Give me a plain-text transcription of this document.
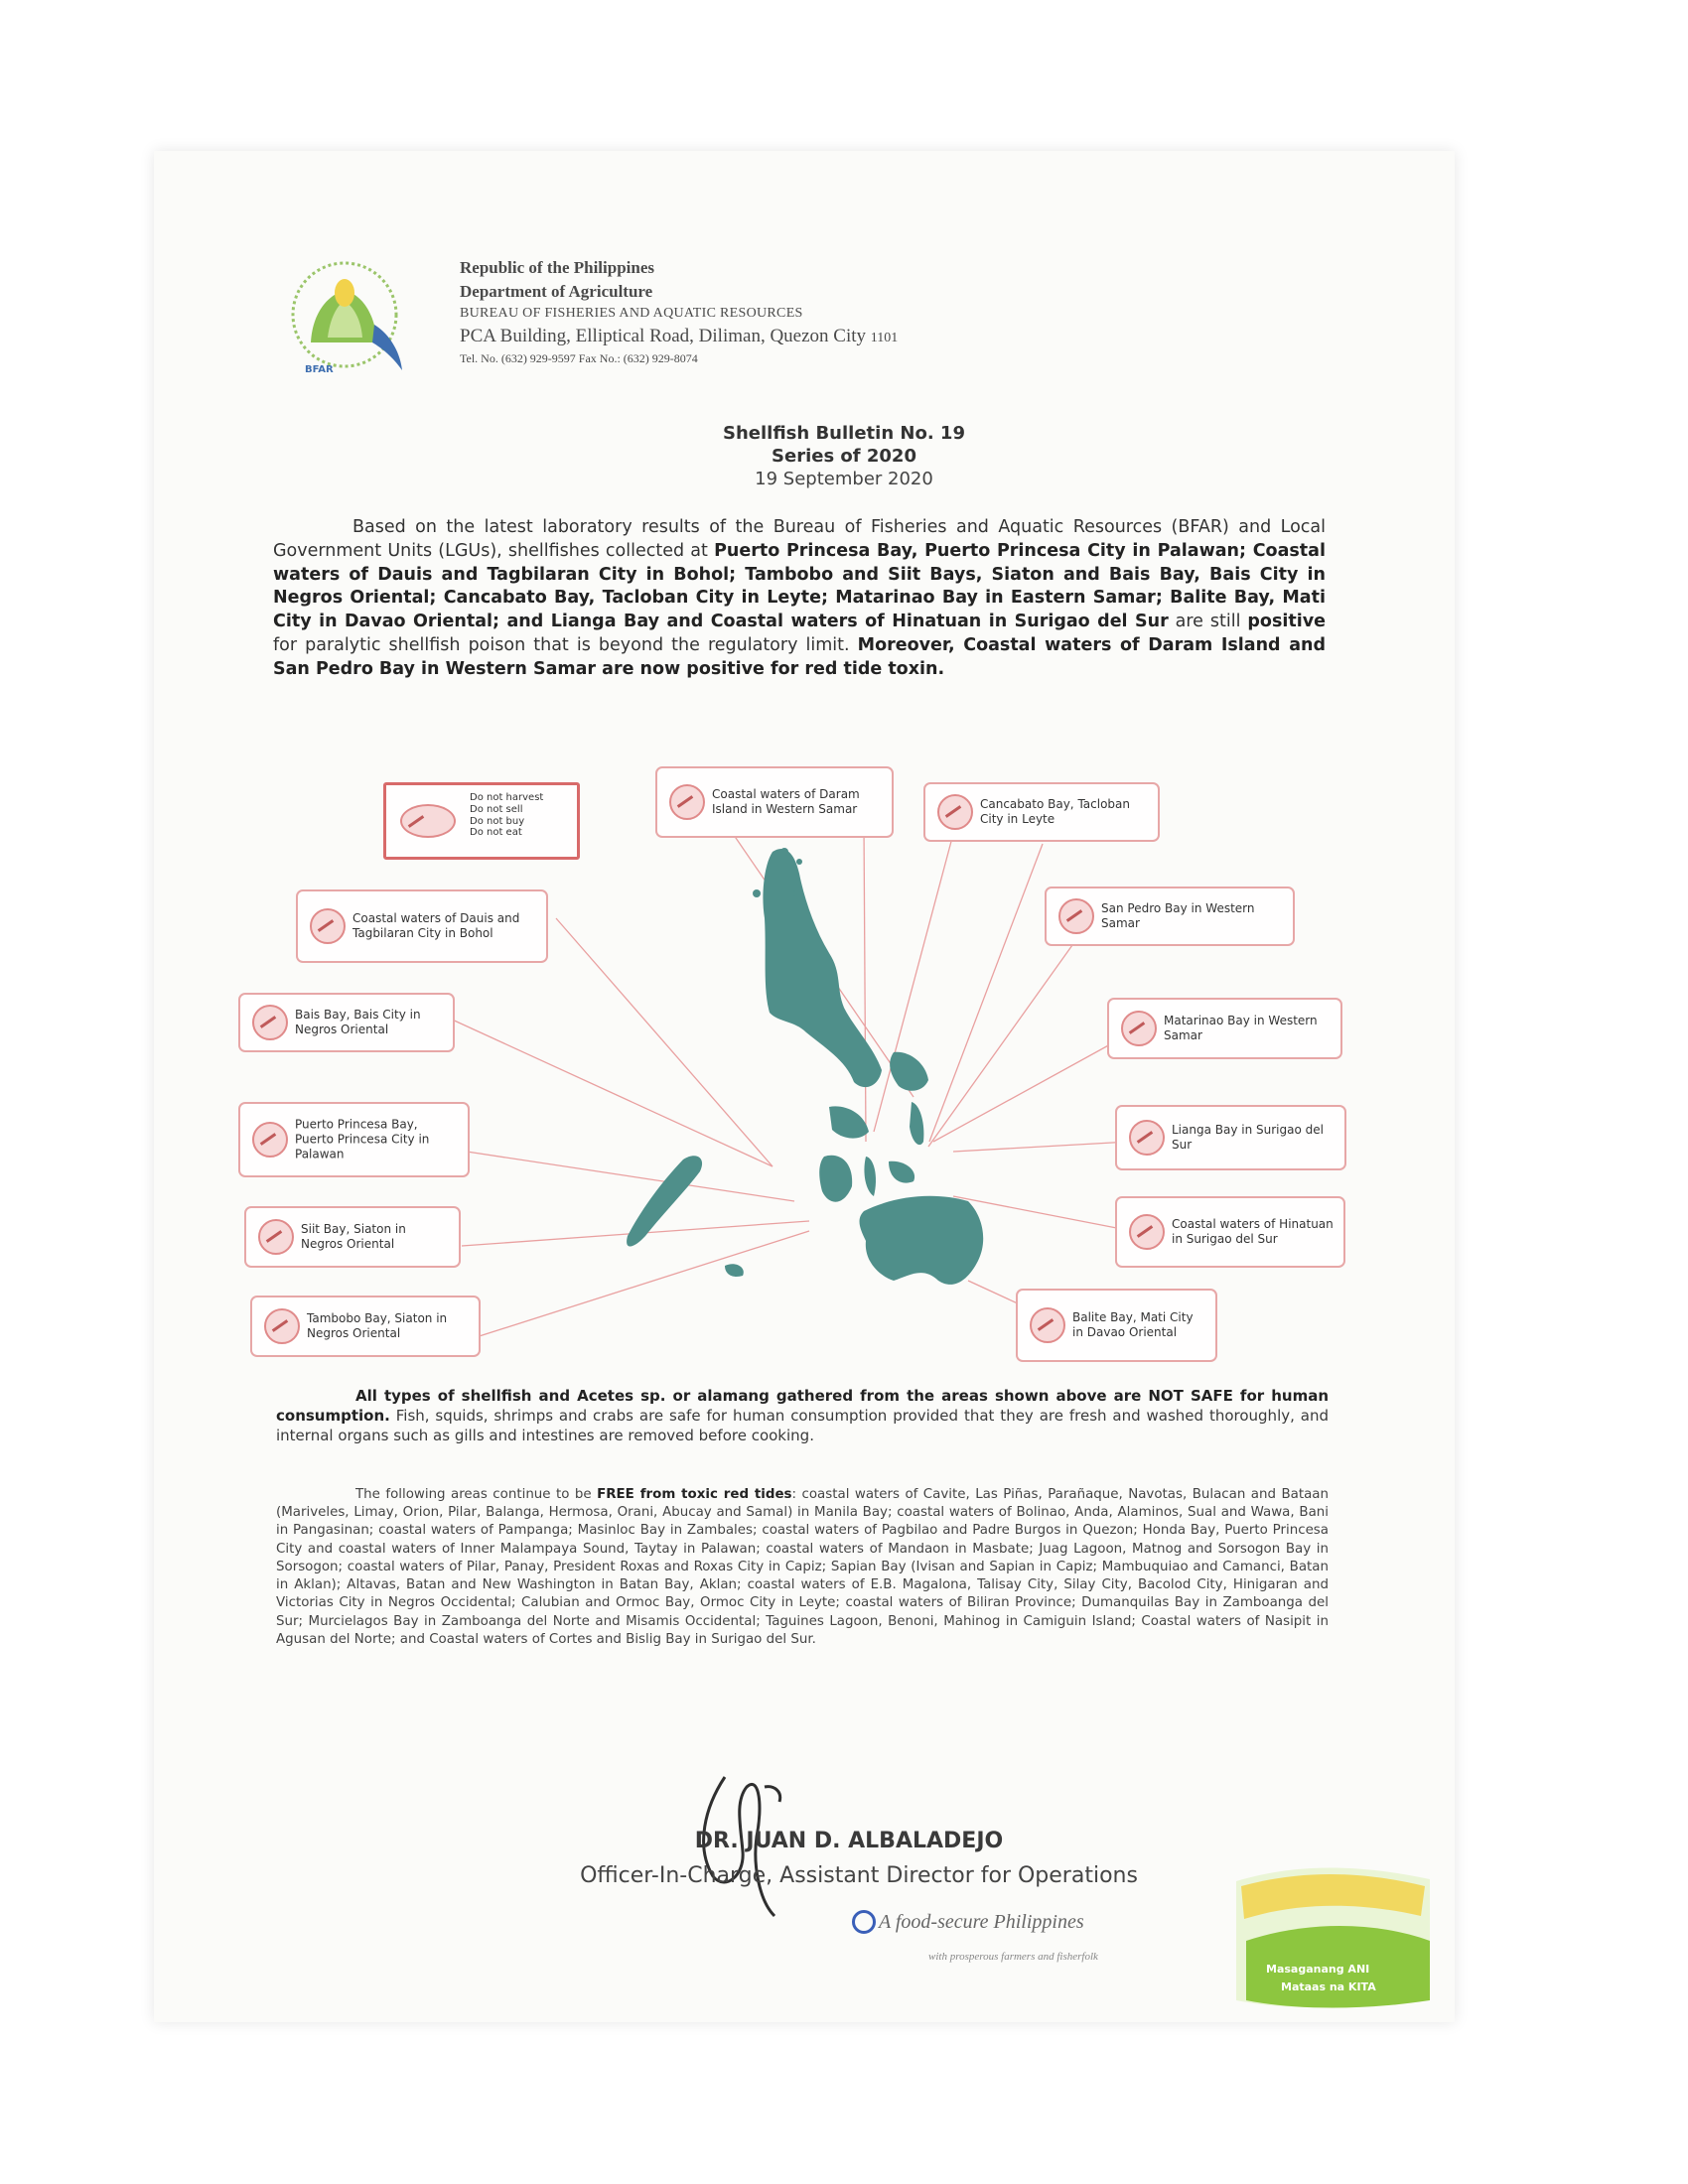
BFAR
Republic of the Philippines
Department of Agriculture
BUREAU OF FISHERIES AND AQUATIC RESOURCES
PCA Building, Elliptical Road, Diliman, Quezon City 1101
Tel. No. (632) 929-9597 Fax No.: (632) 929-8074
Shellfish Bulletin No. 19
Series of 2020
19 September 2020
Based on the latest laboratory results of the Bureau of Fisheries and Aquatic Resources (BFAR) and Local Government Units (LGUs), shellfishes collected at Puerto Princesa Bay, Puerto Princesa City in Palawan; Coastal waters of Dauis and Tagbilaran City in Bohol; Tambobo and Siit Bays, Siaton and Bais Bay, Bais City in Negros Oriental; Cancabato Bay, Tacloban City in Leyte; Matarinao Bay in Eastern Samar; Balite Bay, Mati City in Davao Oriental; and Lianga Bay and Coastal waters of Hinatuan in Surigao del Sur are still positive for paralytic shellfish poison that is beyond the regulatory limit. Moreover, Coastal waters of Daram Island and San Pedro Bay in Western Samar are now positive for red tide toxin.
Do not harvest
Do not sell
Do not buy
Do not eat
Coastal waters of Daram Island in Western Samar	Cancabato Bay, Tacloban City in Leyte
Coastal waters of Dauis and Tagbilaran City in Bohol
San Pedro Bay in Western Samar
Bais Bay, Bais City in Negros Oriental
Matarinao Bay in Western Samar
Puerto Princesa Bay, Puerto Princesa City in Palawan
Lianga Bay in Surigao del Sur
Siit Bay, Siaton in Negros Oriental
Coastal waters of Hinatuan in Surigao del Sur
Tambobo Bay, Siaton in Negros Oriental
Balite Bay, Mati City in Davao Oriental
All types of shellfish and Acetes sp. or alamang gathered from the areas shown above are NOT SAFE for human consumption. Fish, squids, shrimps and crabs are safe for human consumption provided that they are fresh and washed thoroughly, and internal organs such as gills and intestines are removed before cooking.
The following areas continue to be FREE from toxic red tides: coastal waters of Cavite, Las Piñas, Parañaque, Navotas, Bulacan and Bataan (Mariveles, Limay, Orion, Pilar, Balanga, Hermosa, Orani, Abucay and Samal) in Manila Bay; coastal waters of Bolinao, Anda, Alaminos, Sual and Wawa, Bani in Pangasinan; coastal waters of Pampanga; Masinloc Bay in Zambales; coastal waters of Pagbilao and Padre Burgos in Quezon; Honda Bay, Puerto Princesa City and coastal waters of Inner Malampaya Sound, Taytay in Palawan; coastal waters of Mandaon in Masbate; Juag Lagoon, Matnog and Sorsogon Bay in Sorsogon; coastal waters of Pilar, Panay, President Roxas and Roxas City in Capiz; Sapian Bay (Ivisan and Sapian in Capiz; Mambuquiao and Camanci, Batan in Aklan); Altavas, Batan and New Washington in Batan Bay, Aklan; coastal waters of E.B. Magalona, Talisay City, Silay City, Bacolod City, Hinigaran and Victorias City in Negros Occidental; Calubian and Ormoc Bay, Ormoc City in Leyte; coastal waters of Biliran Province; Dumanquilas Bay in Zamboanga del Sur; Murcielagos Bay in Zamboanga del Norte and Misamis Occidental; Taguines Lagoon, Benoni, Mahinog in Camiguin Island; Coastal waters of Nasipit in Agusan del Norte; and Coastal waters of Cortes and Bislig Bay in Surigao del Sur.
DR. JUAN D. ALBALADEJO
Officer-In-Charge, Assistant Director for Operations
A food-secure Philippines
with prosperous farmers and fisherfolk
Masaganang ANI
Mataas na KITA
